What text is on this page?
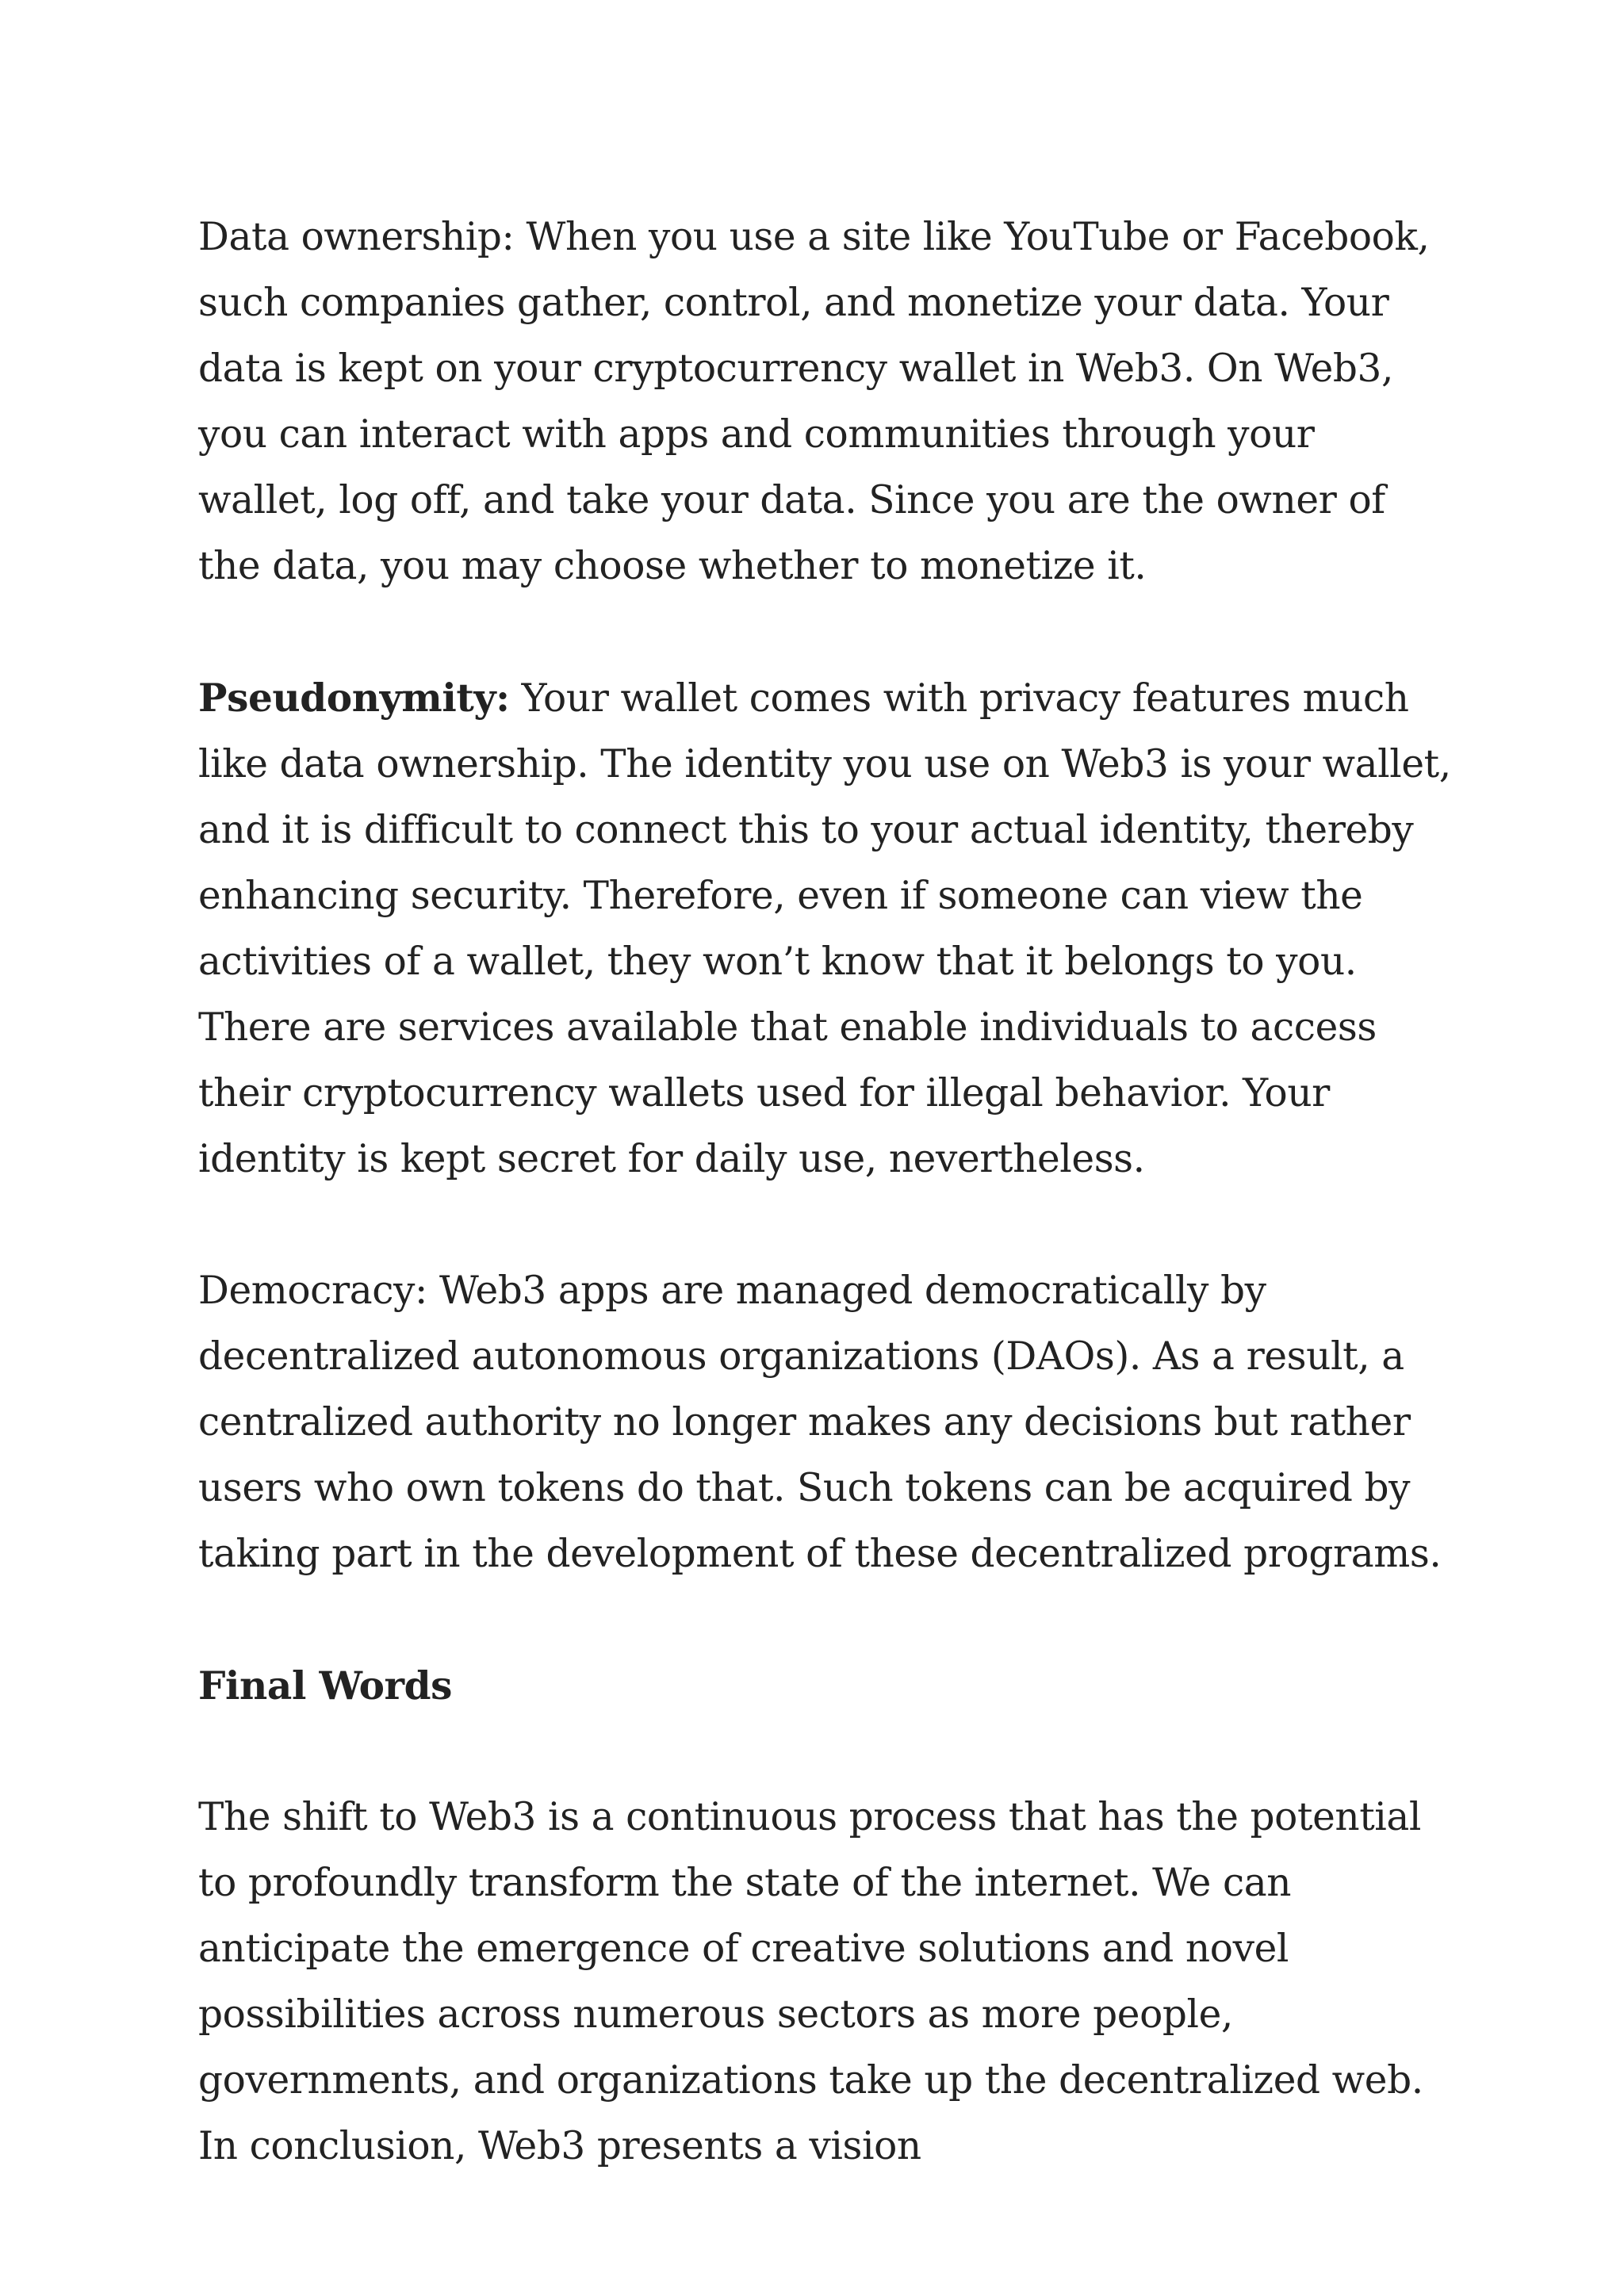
Data ownership: When you use a site like YouTube or Facebook, such companies gather, control, and monetize your data. Your data is kept on your cryptocurrency wallet in Web3. On Web3, you can interact with apps and communities through your wallet, log off, and take your data. Since you are the owner of the data, you may choose whether to monetize it.

Pseudonymity: Your wallet comes with privacy features much like data ownership. The identity you use on Web3 is your wallet, and it is difficult to connect this to your actual identity, thereby enhancing security. Therefore, even if someone can view the activities of a wallet, they won’t know that it belongs to you. There are services available that enable individuals to access their cryptocurrency wallets used for illegal behavior. Your identity is kept secret for daily use, nevertheless.

Democracy: Web3 apps are managed democratically by decentralized autonomous organizations (DAOs). As a result, a centralized authority no longer makes any decisions but rather users who own tokens do that. Such tokens can be acquired by taking part in the development of these decentralized programs.

Final Words

The shift to Web3 is a continuous process that has the potential to profoundly transform the state of the internet. We can anticipate the emergence of creative solutions and novel possibilities across numerous sectors as more people, governments, and organizations take up the decentralized web. In conclusion, Web3 presents a vision
